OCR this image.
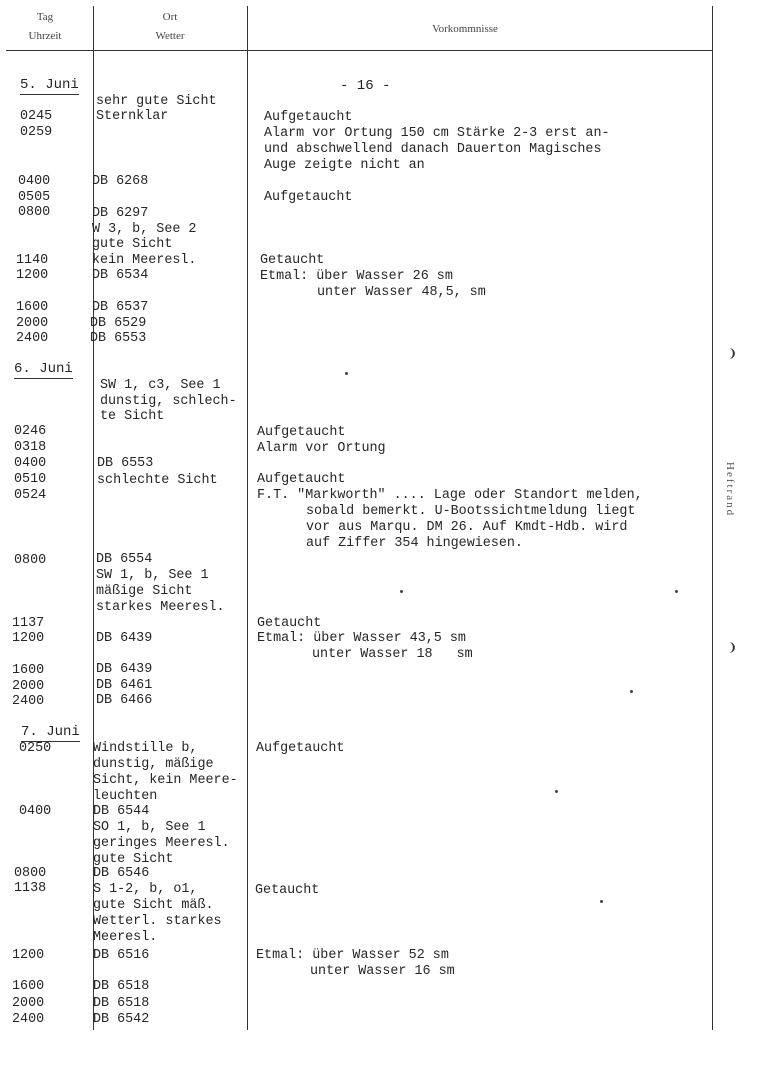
Tag
Uhrzeit
Ort
Wetter
Vorkommnisse
- 16 -
Heftrand
5. Juni
6. Juni
7. Juni
0245
0259
0400
0505
0800
1140
1200
1600
2000
2400
0246
0318
0400
0510
0524
0800
1137
1200
1600
2000
2400
0250
0400
0800
1138
1200
1600
2000
2400
sehr gute Sicht
Sternklar
DB 6268
DB 6297
W 3, b, See 2
gute Sicht
kein Meeresl.
DB 6534
DB 6537
DB 6529
DB 6553
SW 1, c3, See 1
dunstig, schlech-
te Sicht
DB 6553
schlechte Sicht
DB 6554
SW 1, b, See 1
mäßige Sicht
starkes Meeresl.
DB 6439
DB 6439
DB 6461
DB 6466
Windstille b,
dunstig, mäßige
Sicht, kein Meere-
leuchten
DB 6544
SO 1, b, See 1
geringes Meeresl.
gute Sicht
DB 6546
S 1-2, b, o1,
gute Sicht mäß.
Wetterl. starkes
Meeresl.
DB 6516
DB 6518
DB 6518
DB 6542
Aufgetaucht
Alarm vor Ortung 150 cm Stärke 2-3 erst an-
und abschwellend danach Dauerton Magisches
Auge zeigte nicht an
Aufgetaucht
Getaucht
Etmal: über Wasser 26 sm
unter Wasser 48,5, sm
Aufgetaucht
Alarm vor Ortung
Aufgetaucht
F.T. "Markworth" .... Lage oder Standort melden,
sobald bemerkt. U-Bootssichtmeldung liegt
vor aus Marqu. DM 26. Auf Kmdt-Hdb. wird
auf Ziffer 354 hingewiesen.
Getaucht
Etmal: über Wasser 43,5 sm
unter Wasser 18   sm
Aufgetaucht
Getaucht
Etmal: über Wasser 52 sm
unter Wasser 16 sm
❩
❩
